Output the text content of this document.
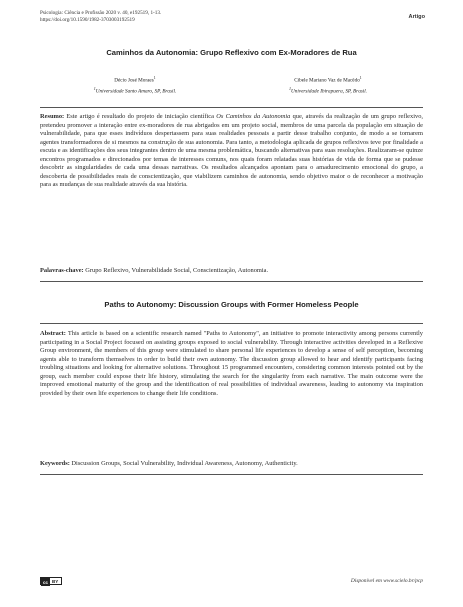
Psicologia: Ciência e Profissão 2020 v. 40, e192519, 1-13.
https://doi.org/10.1590/1982-3703003192519	Artigo
Caminhos da Autonomia: Grupo Reflexivo com Ex-Moradores de Rua
Décio José Moraes$^1$
$^1$Universidade Santo Amaro, SP, Brasil.
Cibele Mariano Vaz de Macêdo$^1$
$^1$Universidade Ibirapuera, SP, Brasil.
Resumo: Este artigo é resultado do projeto de iniciação científica Os Caminhos da Autonomia que, através da realização de um grupo reflexivo, pretendeu promover a interação entre ex-moradores de rua abrigados em um projeto social, membros de uma parcela da população em situação de vulnerabilidade, para que esses indivíduos despertassem para suas realidades pessoais a partir desse trabalho conjunto, de modo a se tornarem agentes transformadores de si mesmos na construção de sua autonomia. Para tanto, a metodologia aplicada de grupos reflexivos teve por finalidade a escuta e as identificações dos seus integrantes dentro de uma mesma problemática, buscando alternativas para suas resoluções. Realizaram-se quinze encontros programados e direcionados por temas de interesses comuns, nos quais foram relatadas suas histórias de vida de forma que se pudesse descobrir as singularidades de cada uma dessas narrativas. Os resultados alcançados apontam para o amadurecimento emocional do grupo, a descoberta de possibilidades reais de conscientização, que viabilizem caminhos de autonomia, sendo objetivo maior o de reconhecer a motivação para as mudanças de sua realidade através da sua história.
Palavras-chave: Grupo Reflexivo, Vulnerabilidade Social, Conscientização, Autonomia.
Paths to Autonomy: Discussion Groups with Former Homeless People
Abstract: This article is based on a scientific research named "Paths to Autonomy", an initiative to promote interactivity among persons currently participating in a Social Project focused on assisting groups exposed to social vulnerability. Through interactive activities developed in a Reflexive Group environment, the members of this group were stimulated to share personal life experiences to develop a sense of self perception, becoming agents able to transform themselves in order to build their own autonomy. The discussion group allowed to hear and identify participants facing troubling situations and looking for alternative solutions. Throughout 15 programmed encounters, considering common interests pointed out by the group, each member could expose their life history, stimulating the search for the singularity from each narrative. The main outcome were the improved emotional maturity of the group and the identification of real possibilities of individual awareness, leading to autonomy via inspiration provided by their own life experiences to change their life conditions.
Keywords: Discussion Groups, Social Vulnerability, Individual Awareness, Autonomy, Authenticity.
cc BY	Disponível em www.scielo.br/pcp
